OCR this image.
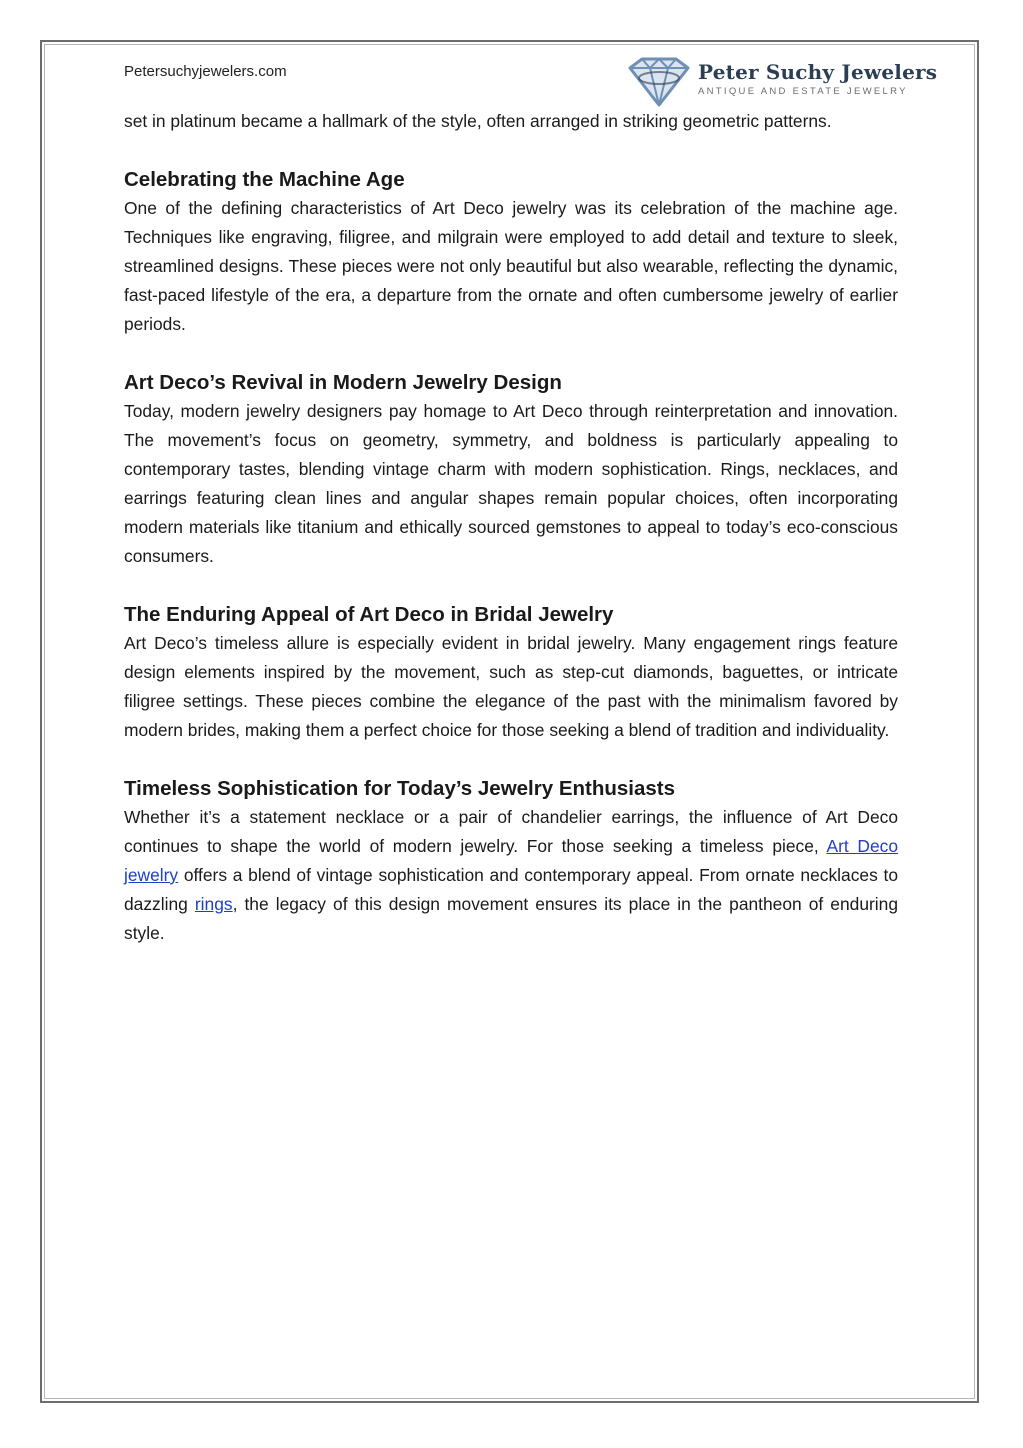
Petersuchyjewelers.com	Peter Suchy Jewelers
ANTIQUE AND ESTATE JEWELRY

set in platinum became a hallmark of the style, often arranged in striking geometric patterns.

Celebrating the Machine Age

One of the defining characteristics of Art Deco jewelry was its celebration of the machine age. Techniques like engraving, filigree, and milgrain were employed to add detail and texture to sleek, streamlined designs. These pieces were not only beautiful but also wearable, reflecting the dynamic, fast-paced lifestyle of the era, a departure from the ornate and often cumbersome jewelry of earlier periods.

Art Deco’s Revival in Modern Jewelry Design

Today, modern jewelry designers pay homage to Art Deco through reinterpretation and innovation. The movement’s focus on geometry, symmetry, and boldness is particularly appealing to contemporary tastes, blending vintage charm with modern sophistication. Rings, necklaces, and earrings featuring clean lines and angular shapes remain popular choices, often incorporating modern materials like titanium and ethically sourced gemstones to appeal to today’s eco-conscious consumers.

The Enduring Appeal of Art Deco in Bridal Jewelry

Art Deco’s timeless allure is especially evident in bridal jewelry. Many engagement rings feature design elements inspired by the movement, such as step-cut diamonds, baguettes, or intricate filigree settings. These pieces combine the elegance of the past with the minimalism favored by modern brides, making them a perfect choice for those seeking a blend of tradition and individuality.

Timeless Sophistication for Today’s Jewelry Enthusiasts

Whether it’s a statement necklace or a pair of chandelier earrings, the influence of Art Deco continues to shape the world of modern jewelry. For those seeking a timeless piece, Art Deco jewelry offers a blend of vintage sophistication and contemporary appeal. From ornate necklaces to dazzling rings, the legacy of this design movement ensures its place in the pantheon of enduring style.
